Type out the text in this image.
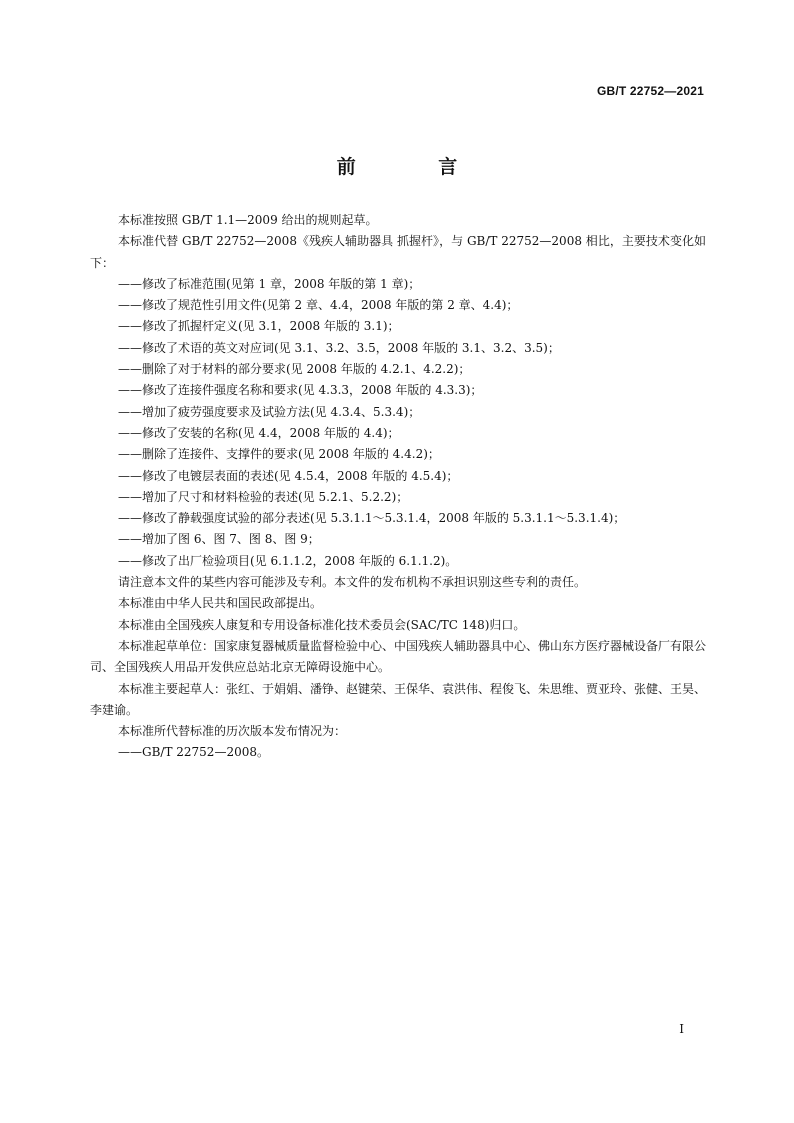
GB/T 22752—2021
前 言

本标准按照 GB/T 1.1—2009 给出的规则起草。

本标准代替 GB/T 22752—2008《残疾人辅助器具 抓握杆》，与 GB/T 22752—2008 相比，主要技术变化如下：

——修改了标准范围(见第 1 章，2008 年版的第 1 章)；

——修改了规范性引用文件(见第 2 章、4.4，2008 年版的第 2 章、4.4)；

——修改了抓握杆定义(见 3.1，2008 年版的 3.1)；

——修改了术语的英文对应词(见 3.1、3.2、3.5，2008 年版的 3.1、3.2、3.5)；

——删除了对于材料的部分要求(见 2008 年版的 4.2.1、4.2.2)；

——修改了连接件强度名称和要求(见 4.3.3，2008 年版的 4.3.3)；

——增加了疲劳强度要求及试验方法(见 4.3.4、5.3.4)；

——修改了安装的名称(见 4.4，2008 年版的 4.4)；

——删除了连接件、支撑件的要求(见 2008 年版的 4.4.2)；

——修改了电镀层表面的表述(见 4.5.4，2008 年版的 4.5.4)；

——增加了尺寸和材料检验的表述(见 5.2.1、5.2.2)；

——修改了静载强度试验的部分表述(见 5.3.1.1～5.3.1.4，2008 年版的 5.3.1.1～5.3.1.4)；

——增加了图 6、图 7、图 8、图 9；

——修改了出厂检验项目(见 6.1.1.2，2008 年版的 6.1.1.2)。

请注意本文件的某些内容可能涉及专利。本文件的发布机构不承担识别这些专利的责任。

本标准由中华人民共和国民政部提出。

本标准由全国残疾人康复和专用设备标准化技术委员会(SAC/TC 148)归口。

本标准起草单位：国家康复器械质量监督检验中心、中国残疾人辅助器具中心、佛山东方医疗器械设备厂有限公司、全国残疾人用品开发供应总站北京无障碍设施中心。

本标准主要起草人：张红、于娟娟、潘铮、赵键荣、王保华、袁洪伟、程俊飞、朱思维、贾亚玲、张健、王昊、李建谕。

本标准所代替标准的历次版本发布情况为：

——GB/T 22752—2008。

I
